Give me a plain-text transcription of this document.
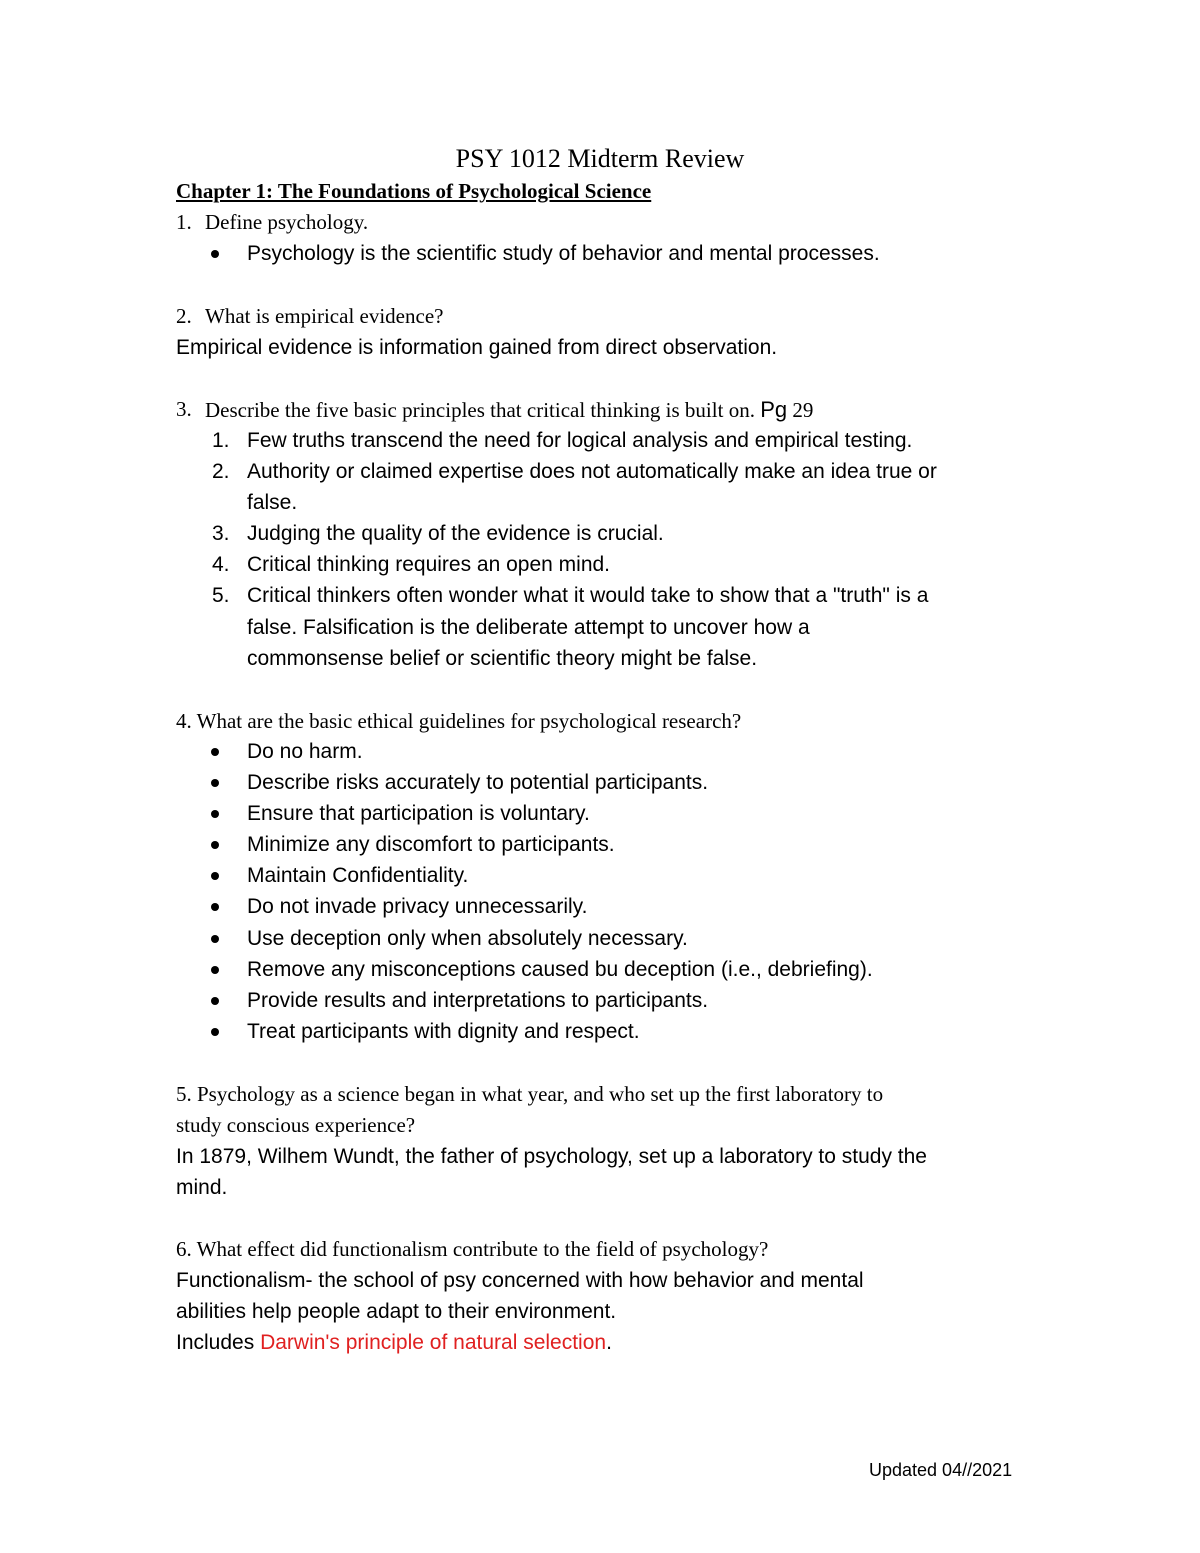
PSY 1012 Midterm Review
Chapter 1: The Foundations of Psychological Science
1. Define psychology.
Psychology is the scientific study of behavior and mental processes.
2. What is empirical evidence?
Empirical evidence is information gained from direct observation.
3. Describe the five basic principles that critical thinking is built on. Pg 29
1. Few truths transcend the need for logical analysis and empirical testing.
2. Authority or claimed expertise does not automatically make an idea true or
false.
3. Judging the quality of the evidence is crucial.
4. Critical thinking requires an open mind.
5. Critical thinkers often wonder what it would take to show that a "truth" is a
false. Falsification is the deliberate attempt to uncover how a
commonsense belief or scientific theory might be false.
4. What are the basic ethical guidelines for psychological research?
Do no harm.
Describe risks accurately to potential participants.
Ensure that participation is voluntary.
Minimize any discomfort to participants.
Maintain Confidentiality.
Do not invade privacy unnecessarily.
Use deception only when absolutely necessary.
Remove any misconceptions caused bu deception (i.e., debriefing).
Provide results and interpretations to participants.
Treat participants with dignity and respect.
5. Psychology as a science began in what year, and who set up the first laboratory to
study conscious experience?
In 1879, Wilhem Wundt, the father of psychology, set up a laboratory to study the
mind.
6. What effect did functionalism contribute to the field of psychology?
Functionalism- the school of psy concerned with how behavior and mental
abilities help people adapt to their environment.
Includes Darwin's principle of natural selection.
Updated 04//2021
